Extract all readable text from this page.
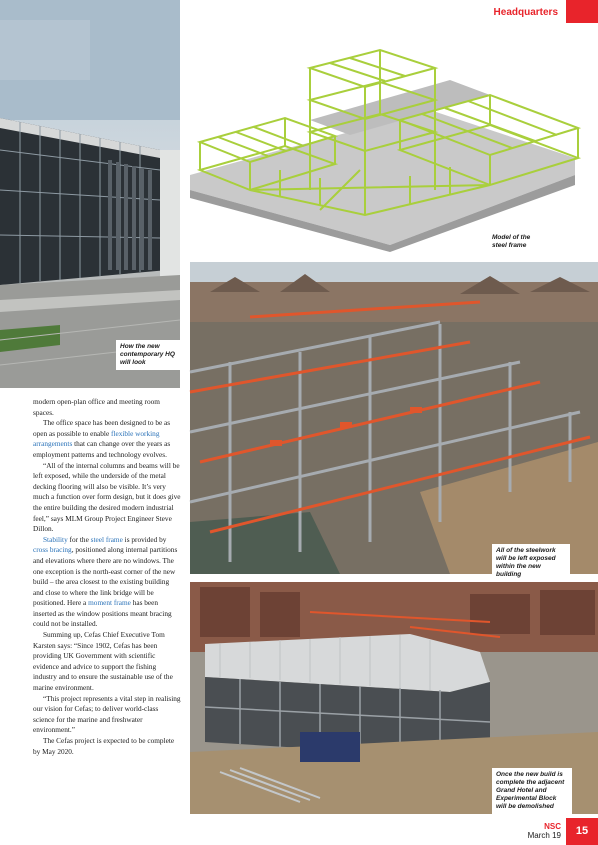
Headquarters
How the new contemporary HQ will look
Model of the steel frame
All of the steelwork will be left exposed within the new building
Once the new build is complete the adjacent Grand Hotel and Experimental Block will be demolished

modern open-plan office and meeting room spaces.

The office space has been designed to be as open as possible to enable flexible working arrangements that can change over the years as employment patterns and technology evolves.

“All of the internal columns and beams will be left exposed, while the underside of the metal decking flooring will also be visible. It’s very much a function over form design, but it does give the entire building the desired modern industrial feel,” says MLM Group Project Engineer Steve Dillon.

Stability for the steel frame is provided by cross bracing, positioned along internal partitions and elevations where there are no windows. The one exception is the north-east corner of the new build – the area closest to the existing building and close to where the link bridge will be positioned. Here a moment frame has been inserted as the window positions meant bracing could not be installed.

Summing up, Cefas Chief Executive Tom Karsten says: “Since 1902, Cefas has been providing UK Government with scientific evidence and advice to support the fishing industry and to ensure the sustainable use of the marine environment.

“This project represents a vital step in realising our vision for Cefas; to deliver world-class science for the marine and freshwater environment.”

The Cefas project is expected to be complete by May 2020.

NSC
March 19	15
